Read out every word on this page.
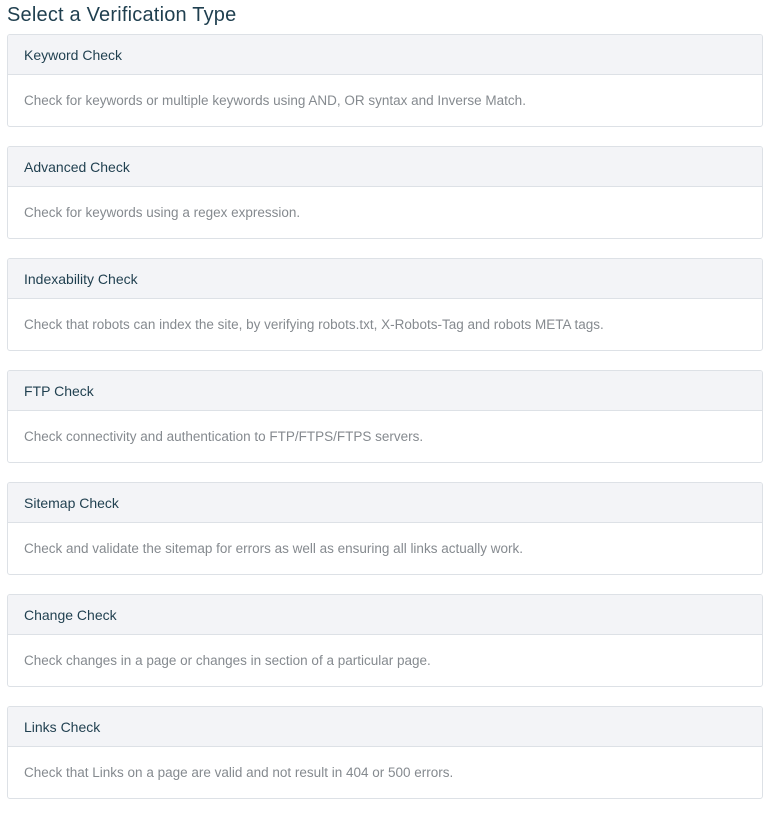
Select a Verification Type
Keyword Check
Check for keywords or multiple keywords using AND, OR syntax and Inverse Match.
Advanced Check
Check for keywords using a regex expression.
Indexability Check
Check that robots can index the site, by verifying robots.txt, X-Robots-Tag and robots META tags.
FTP Check
Check connectivity and authentication to FTP/FTPS/FTPS servers.
Sitemap Check
Check and validate the sitemap for errors as well as ensuring all links actually work.
Change Check
Check changes in a page or changes in section of a particular page.
Links Check
Check that Links on a page are valid and not result in 404 or 500 errors.
